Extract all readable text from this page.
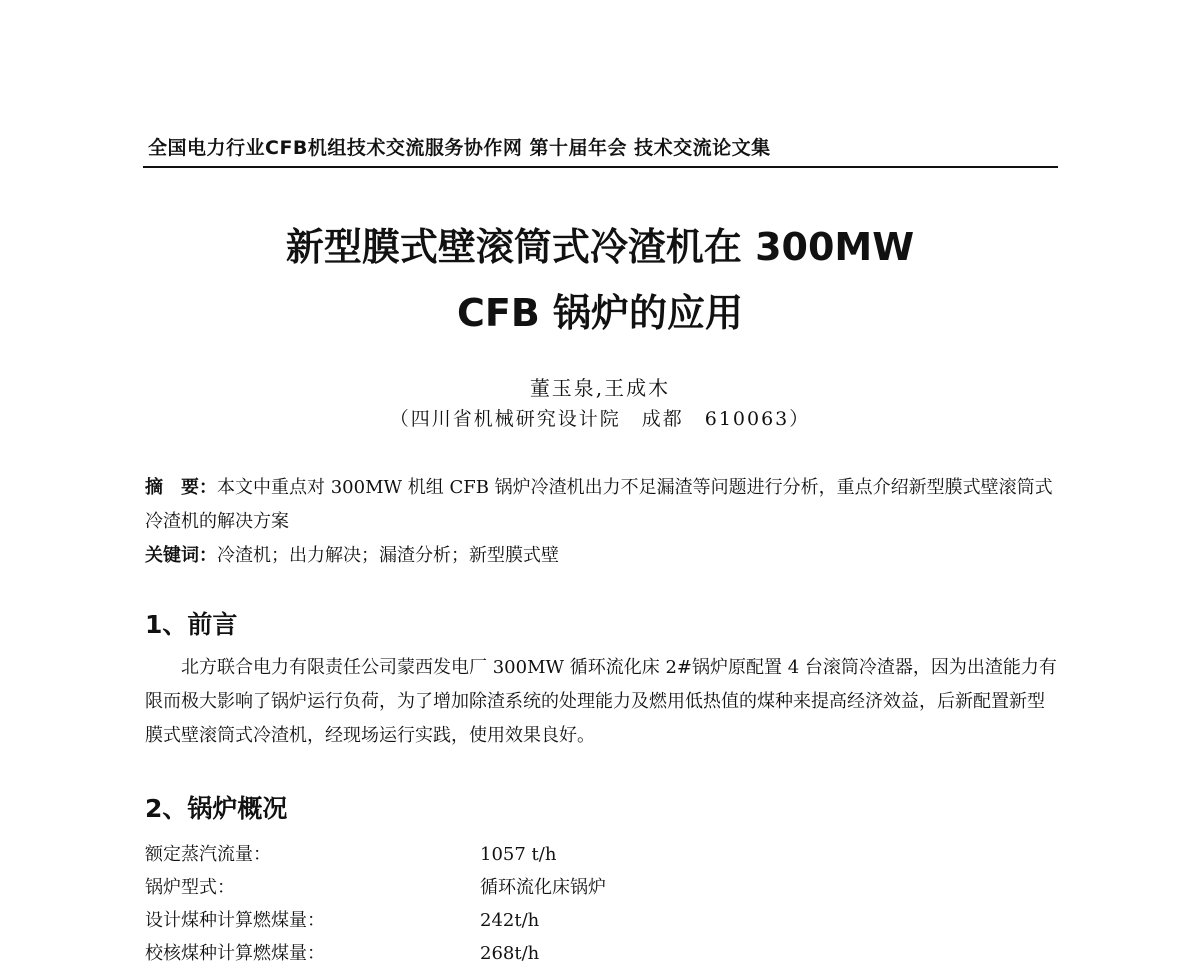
全国电力行业CFB机组技术交流服务协作网 第十届年会 技术交流论文集
新型膜式壁滚筒式冷渣机在 300MW
CFB 锅炉的应用
董玉泉,王成木
（四川省机械研究设计院　成都　610063）
摘　要：本文中重点对 300MW 机组 CFB 锅炉冷渣机出力不足漏渣等问题进行分析，重点介绍新型膜式壁滚筒式冷渣机的解决方案
关键词：冷渣机；出力解决；漏渣分析；新型膜式壁
1、前言
北方联合电力有限责任公司蒙西发电厂 300MW 循环流化床 2#锅炉原配置 4 台滚筒冷渣器，因为出渣能力有限而极大影响了锅炉运行负荷，为了增加除渣系统的处理能力及燃用低热值的煤种来提高经济效益，后新配置新型膜式壁滚筒式冷渣机，经现场运行实践，使用效果良好。
2、锅炉概况
额定蒸汽流量：	1057 t/h
锅炉型式：	循环流化床锅炉
设计煤种计算燃煤量：	242t/h
校核煤种计算燃煤量：	268t/h
